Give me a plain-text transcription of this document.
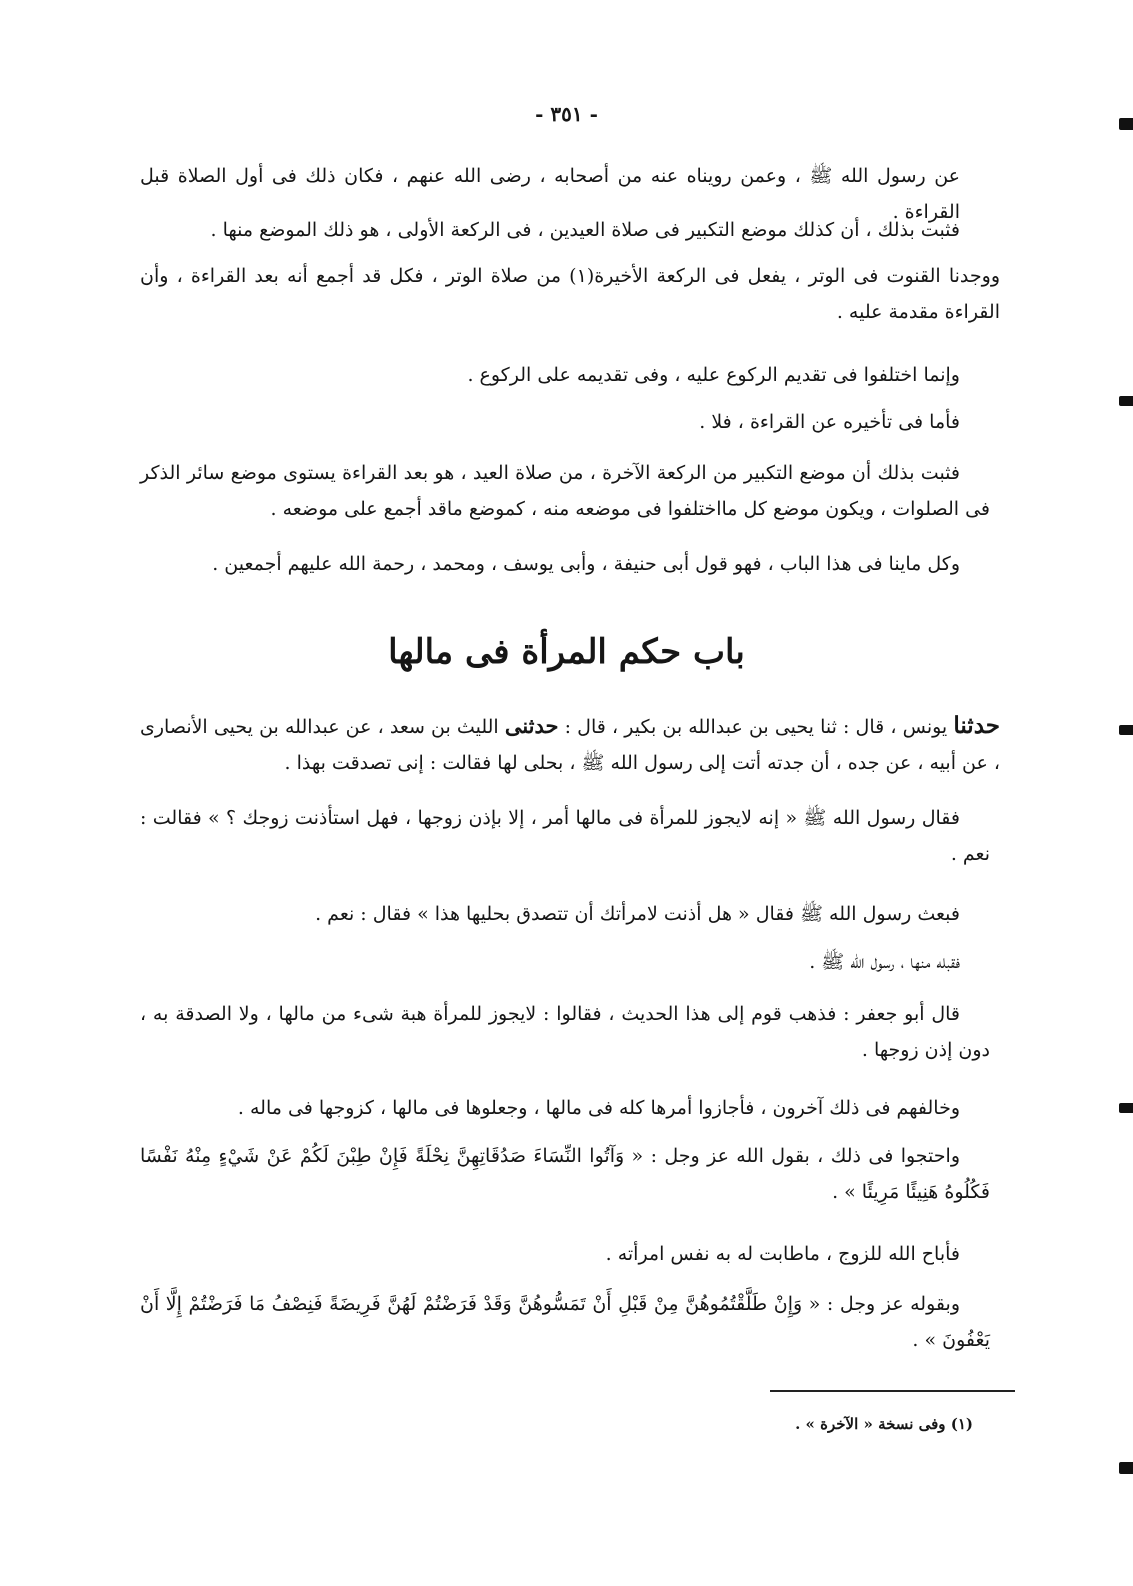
- ٣٥١ -

عن رسول الله ﷺ ، وعمن رويناه عنه من أصحابه ، رضى الله عنهم ، فكان ذلك فى أول الصلاة قبل القراءة .

فثبت بذلك ، أن كذلك موضع التكبير فى صلاة العيدين ، فى الركعة الأولى ، هو ذلك الموضع منها .

ووجدنا القنوت فى الوتر ، يفعل فى الركعة الأخيرة(١) من صلاة الوتر ، فكل قد أجمع أنه بعد القراءة ، وأن القراءة مقدمة عليه .

وإنما اختلفوا فى تقديم الركوع عليه ، وفى تقديمه على الركوع .

فأما فى تأخيره عن القراءة ، فلا .

فثبت بذلك أن موضع التكبير من الركعة الآخرة ، من صلاة العيد ، هو بعد القراءة يستوى موضع سائر الذكر فى الصلوات ، ويكون موضع كل مااختلفوا فى موضعه منه ، كموضع ماقد أجمع على موضعه .

وكل ماينا فى هذا الباب ، فهو قول أبى حنيفة ، وأبى يوسف ، ومحمد ، رحمة الله عليهم أجمعين .

باب حكم المرأة فى مالها

حدثنا يونس ، قال : ثنا يحيى بن عبدالله بن بكير ، قال : حدثنى الليث بن سعد ، عن عبدالله بن يحيى الأنصارى ، عن أبيه ، عن جده ، أن جدته أتت إلى رسول الله ﷺ ، بحلى لها فقالت : إنى تصدقت بهذا .

فقال رسول الله ﷺ « إنه لايجوز للمرأة فى مالها أمر ، إلا بإذن زوجها ، فهل استأذنت زوجك ؟ » فقالت : نعم .

فبعث رسول الله ﷺ فقال « هل أذنت لامرأتك أن تتصدق بحليها هذا » فقال : نعم .

فقبله منها ، رسول الله ﷺ .

قال أبو جعفر : فذهب قوم إلى هذا الحديث ، فقالوا : لايجوز للمرأة هبة شىء من مالها ، ولا الصدقة به ، دون إذن زوجها .

وخالفهم فى ذلك آخرون ، فأجازوا أمرها كله فى مالها ، وجعلوها فى مالها ، كزوجها فى ماله .

واحتجوا فى ذلك ، بقول الله عز وجل : « وَآتُوا النِّسَاءَ صَدُقَاتِهِنَّ نِحْلَةً فَإِنْ طِبْنَ لَكُمْ عَنْ شَيْءٍ مِنْهُ نَفْسًا فَكُلُوهُ هَنِيئًا مَرِيئًا » .

فأباح الله للزوج ، ماطابت له به نفس امرأته .

وبقوله عز وجل : « وَإِنْ طَلَّقْتُمُوهُنَّ مِنْ قَبْلِ أَنْ تَمَسُّوهُنَّ وَقَدْ فَرَضْتُمْ لَهُنَّ فَرِيضَةً فَنِصْفُ مَا فَرَضْتُمْ إِلَّا أَنْ يَعْفُونَ » .

(١) وفى نسخة « الآخرة » .
